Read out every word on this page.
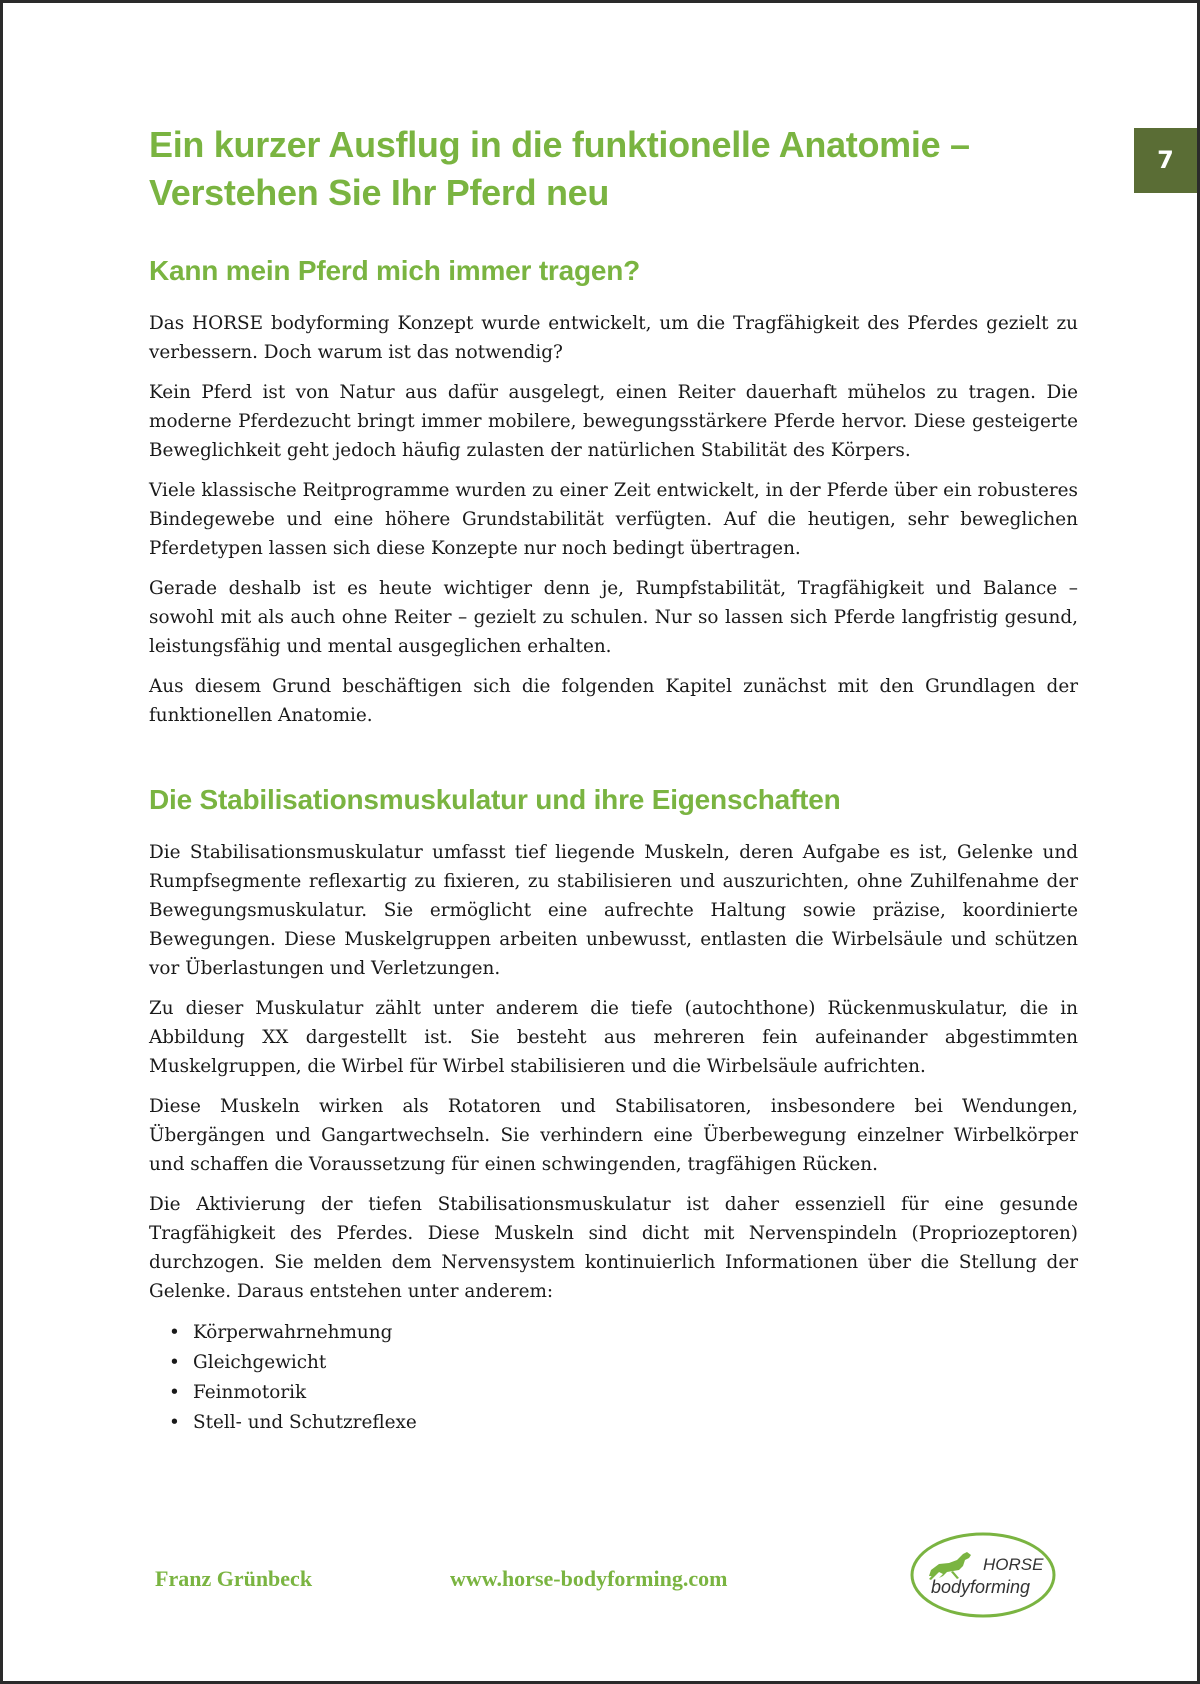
7
Ein kurzer Ausflug in die funktionelle Anatomie – Verstehen Sie Ihr Pferd neu
Kann mein Pferd mich immer tragen?

Das HORSE bodyforming Konzept wurde entwickelt, um die Tragfähigkeit des Pferdes gezielt zu verbessern. Doch warum ist das notwendig?

Kein Pferd ist von Natur aus dafür ausgelegt, einen Reiter dauerhaft mühelos zu tragen. Die moderne Pferdezucht bringt immer mobilere, bewegungsstärkere Pferde hervor. Diese gesteigerte Beweglichkeit geht jedoch häufig zulasten der natürlichen Stabilität des Körpers.

Viele klassische Reitprogramme wurden zu einer Zeit entwickelt, in der Pferde über ein robusteres Bindegewebe und eine höhere Grundstabilität verfügten. Auf die heutigen, sehr beweglichen Pferdetypen lassen sich diese Konzepte nur noch bedingt übertragen.

Gerade deshalb ist es heute wichtiger denn je, Rumpfstabilität, Tragfähigkeit und Balance – sowohl mit als auch ohne Reiter – gezielt zu schulen. Nur so lassen sich Pferde langfristig gesund, leistungsfähig und mental ausgeglichen erhalten.

Aus diesem Grund beschäftigen sich die folgenden Kapitel zunächst mit den Grundlagen der funktionellen Anatomie.

Die Stabilisationsmuskulatur und ihre Eigenschaften

Die Stabilisationsmuskulatur umfasst tief liegende Muskeln, deren Aufgabe es ist, Gelenke und Rumpfsegmente reflexartig zu fixieren, zu stabilisieren und auszurichten, ohne Zuhilfenahme der Bewegungsmuskulatur. Sie ermöglicht eine aufrechte Haltung sowie präzise, koordinierte Bewegungen. Diese Muskelgruppen arbeiten unbewusst, entlasten die Wirbelsäule und schützen vor Überlastungen und Verletzungen.

Zu dieser Muskulatur zählt unter anderem die tiefe (autochthone) Rückenmuskulatur, die in Abbildung XX dargestellt ist. Sie besteht aus mehreren fein aufeinander abgestimmten Muskelgruppen, die Wirbel für Wirbel stabilisieren und die Wirbelsäule aufrichten.

Diese Muskeln wirken als Rotatoren und Stabilisatoren, insbesondere bei Wendungen, Übergängen und Gangartwechseln. Sie verhindern eine Überbewegung einzelner Wirbelkörper und schaffen die Voraussetzung für einen schwingenden, tragfähigen Rücken.

Die Aktivierung der tiefen Stabilisationsmuskulatur ist daher essenziell für eine gesunde Tragfähigkeit des Pferdes. Diese Muskeln sind dicht mit Nervenspindeln (Propriozeptoren) durchzogen. Sie melden dem Nervensystem kontinuierlich Informationen über die Stellung der Gelenke. Daraus entstehen unter anderem:

• Körperwahrnehmung
• Gleichgewicht
• Feinmotorik
• Stell- und Schutzreflexe
Franz Grünbeck	www.horse-bodyforming.com
HORSE
bodyforming
